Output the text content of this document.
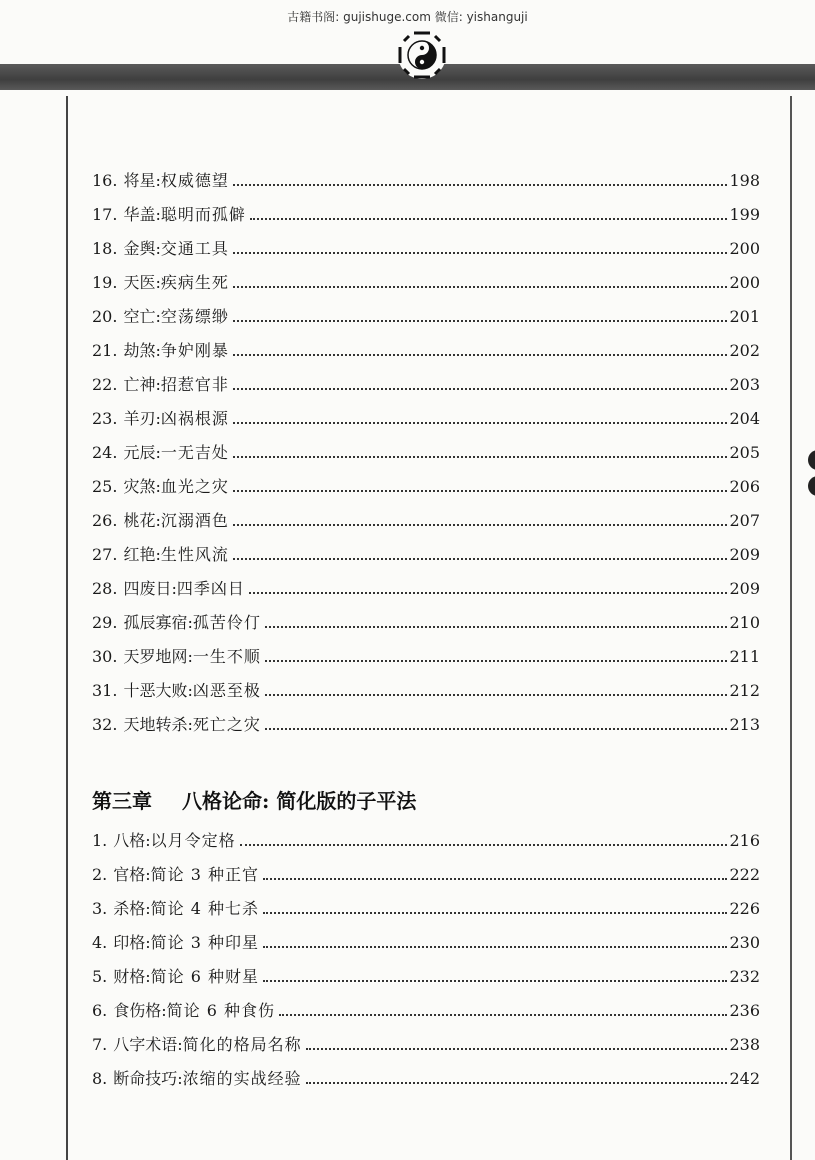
古籍书阁: gujishuge.com 微信: yishanguji
16. 将星 : 权威德望	198
17. 华盖 : 聪明而孤僻	199
18. 金舆 : 交通工具	200
19. 天医 : 疾病生死	200
20. 空亡 : 空荡缥缈	201
21. 劫煞 : 争妒刚暴	202
22. 亡神 : 招惹官非	203
23. 羊刃 : 凶祸根源	204
24. 元辰 : 一无吉处	205
25. 灾煞 : 血光之灾	206
26. 桃花 : 沉溺酒色	207
27. 红艳 : 生性风流	209
28. 四废日 : 四季凶日	209
29. 孤辰寡宿 : 孤苦伶仃	210
30. 天罗地网 : 一生不顺	211
31. 十恶大败 : 凶恶至极	212
32. 天地转杀 : 死亡之灾	213
第三章 八格论命: 简化版的子平法
1. 八格 : 以月令定格	216
2. 官格 : 简论 3 种正官	222
3. 杀格 : 简论 4 种七杀	226
4. 印格 : 简论 3 种印星	230
5. 财格 : 简论 6 种财星	232
6. 食伤格 : 简论 6 种食伤	236
7. 八字术语 : 简化的格局名称	238
8. 断命技巧 : 浓缩的实战经验	242
